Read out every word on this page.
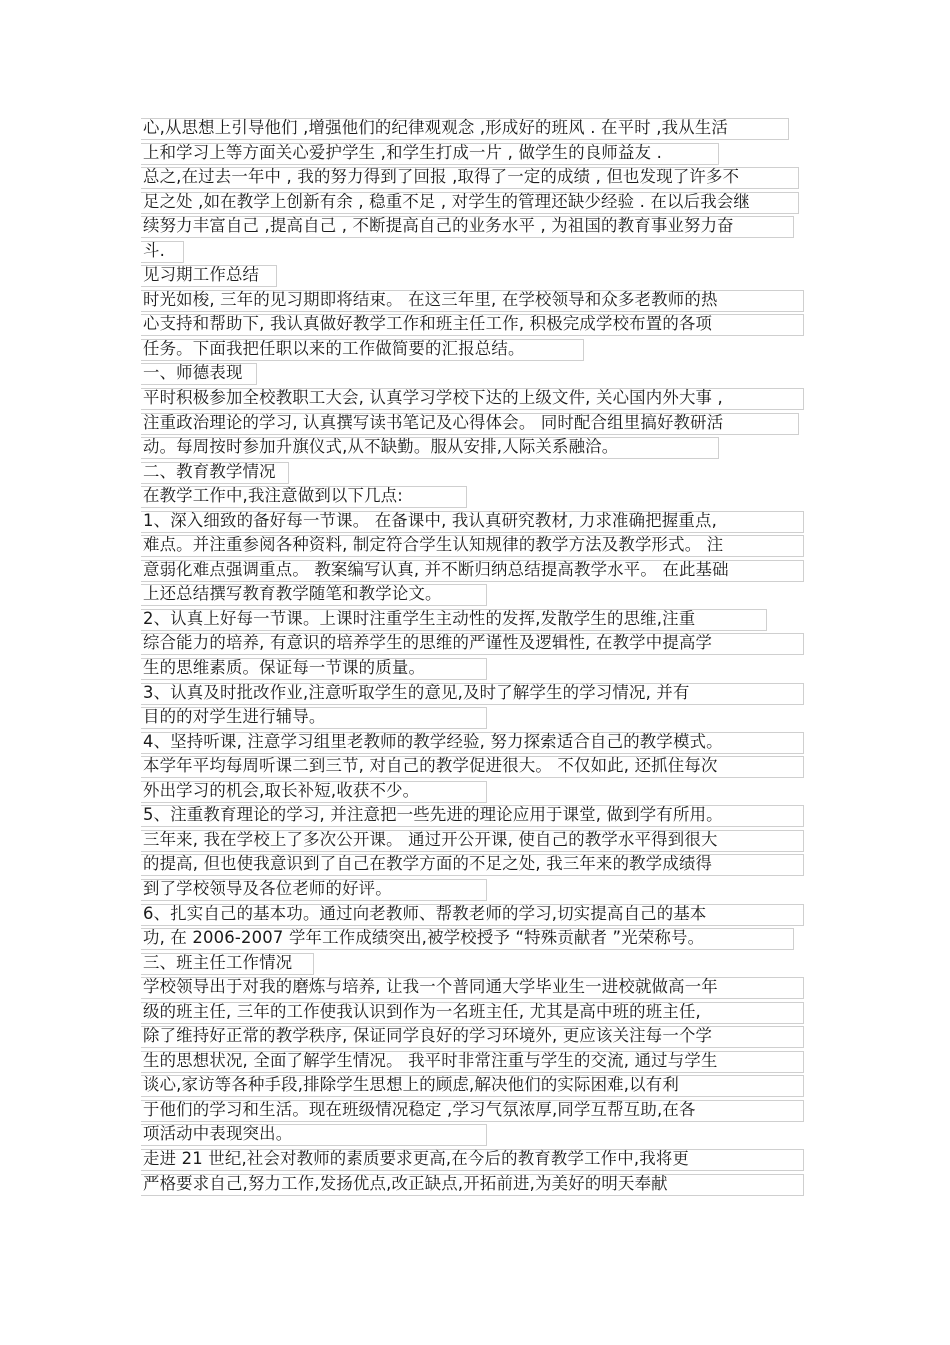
心,从思想上引导他们 ,增强他们的纪律观观念 ,形成好的班风 . 在平时 ,我从生活
上和学习上等方面关心爱护学生 ,和学生打成一片 , 做学生的良师益友 .
总之,在过去一年中 , 我的努力得到了回报 ,取得了一定的成绩 , 但也发现了许多不
足之处 ,如在教学上创新有余 , 稳重不足 , 对学生的管理还缺少经验 . 在以后我会继
续努力丰富自己 ,提高自己 , 不断提高自己的业务水平 , 为祖国的教育事业努力奋
斗.
见习期工作总结
时光如梭, 三年的见习期即将结束。 在这三年里, 在学校领导和众多老教师的热
心支持和帮助下, 我认真做好教学工作和班主任工作, 积极完成学校布置的各项
任务。下面我把任职以来的工作做简要的汇报总结。
一、师德表现
平时积极参加全校教职工大会, 认真学习学校下达的上级文件, 关心国内外大事 ,
注重政治理论的学习, 认真撰写读书笔记及心得体会。 同时配合组里搞好教研活
动。每周按时参加升旗仪式,从不缺勤。服从安排,人际关系融洽。
二、教育教学情况
在教学工作中,我注意做到以下几点:
1、深入细致的备好每一节课。 在备课中, 我认真研究教材, 力求准确把握重点,
难点。并注重参阅各种资料, 制定符合学生认知规律的教学方法及教学形式。 注
意弱化难点强调重点。 教案编写认真, 并不断归纳总结提高教学水平。 在此基础
上还总结撰写教育教学随笔和教学论文。
2、认真上好每一节课。上课时注重学生主动性的发挥,发散学生的思维,注重
综合能力的培养, 有意识的培养学生的思维的严谨性及逻辑性, 在教学中提高学
生的思维素质。保证每一节课的质量。
3、认真及时批改作业,注意听取学生的意见,及时了解学生的学习情况, 并有
目的的对学生进行辅导。
4、坚持听课, 注意学习组里老教师的教学经验, 努力探索适合自己的教学模式。
本学年平均每周听课二到三节, 对自己的教学促进很大。 不仅如此, 还抓住每次
外出学习的机会,取长补短,收获不少。
5、注重教育理论的学习, 并注意把一些先进的理论应用于课堂, 做到学有所用。
三年来, 我在学校上了多次公开课。 通过开公开课, 使自己的教学水平得到很大
的提高, 但也使我意识到了自己在教学方面的不足之处, 我三年来的教学成绩得
到了学校领导及各位老师的好评。
6、扎实自己的基本功。通过向老教师、帮教老师的学习,切实提高自己的基本
功, 在 2006-2007 学年工作成绩突出,被学校授予 “特殊贡献者 ”光荣称号。
三、班主任工作情况
学校领导出于对我的磨炼与培养, 让我一个普同通大学毕业生一进校就做高一年
级的班主任, 三年的工作使我认识到作为一名班主任, 尤其是高中班的班主任,
除了维持好正常的教学秩序, 保证同学良好的学习环境外, 更应该关注每一个学
生的思想状况, 全面了解学生情况。 我平时非常注重与学生的交流, 通过与学生
谈心,家访等各种手段,排除学生思想上的顾虑,解决他们的实际困难,以有利
于他们的学习和生活。现在班级情况稳定 ,学习气氛浓厚,同学互帮互助,在各
项活动中表现突出。
走进 21 世纪,社会对教师的素质要求更高,在今后的教育教学工作中,我将更
严格要求自己,努力工作,发扬优点,改正缺点,开拓前进,为美好的明天奉献
